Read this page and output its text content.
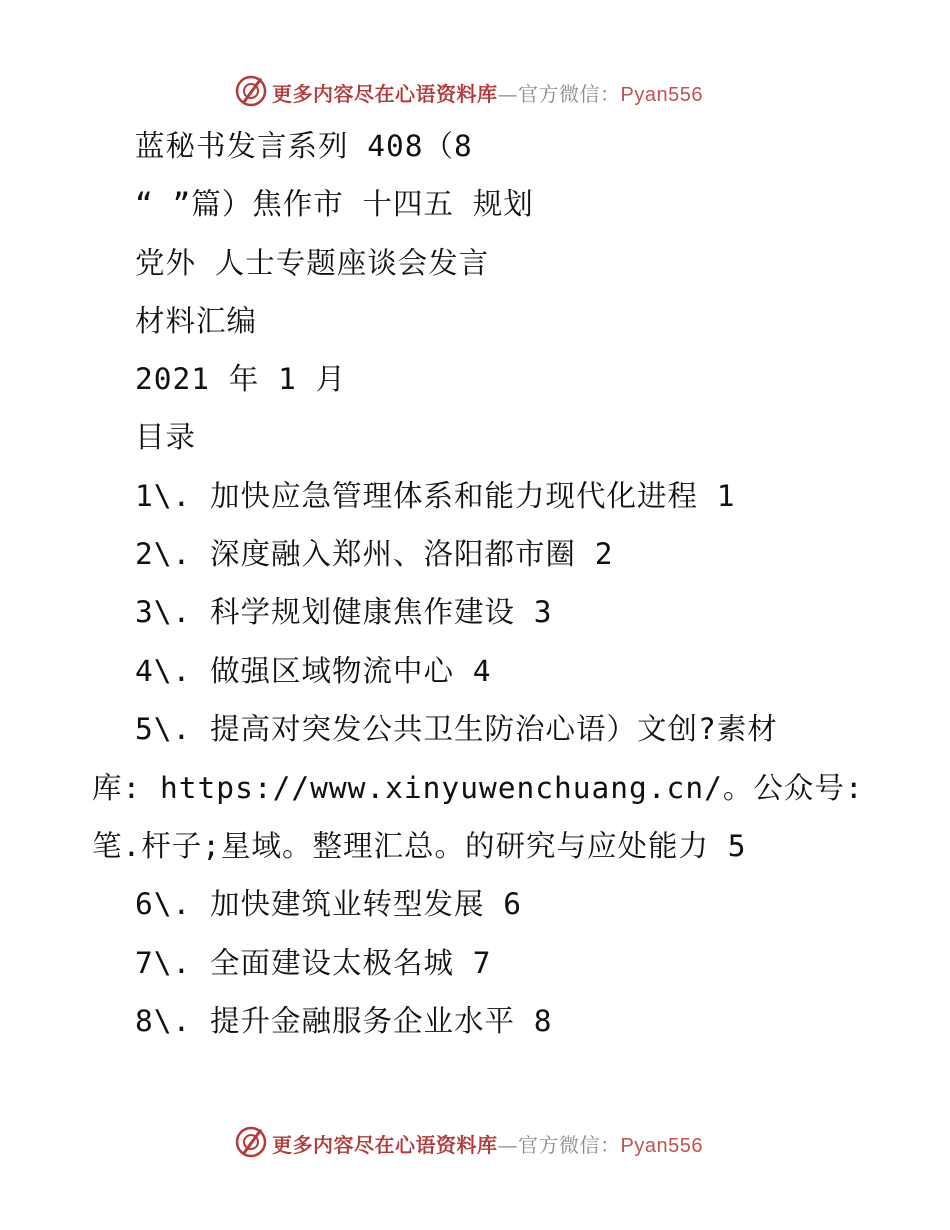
更多内容尽在心语资料库—官方微信：Pyan556
蓝秘书发言系列 408（8
“ ”篇）焦作市 十四五 规划
党外 人士专题座谈会发言
材料汇编
2021 年 1 月
目录
1\. 加快应急管理体系和能力现代化进程 1
2\. 深度融入郑州、洛阳都市圈 2
3\. 科学规划健康焦作建设 3
4\. 做强区域物流中心 4
5\. 提高对突发公共卫生防治心语）文创?素材
库: https://www.xinyuwenchuang.cn/。公众号:
笔.杆子;星域。整理汇总。的研究与应处能力 5
6\. 加快建筑业转型发展 6
7\. 全面建设太极名城 7
8\. 提升金融服务企业水平 8
更多内容尽在心语资料库—官方微信：Pyan556
